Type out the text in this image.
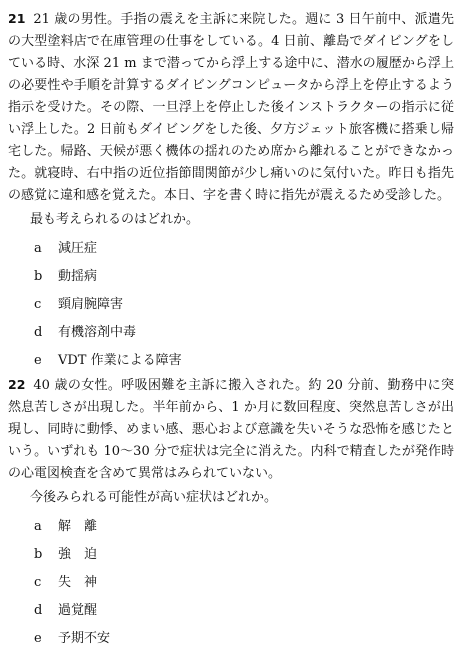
21 21 歳の男性。手指の震えを主訴に来院した。週に 3 日午前中、派遣先の大型塗料店で在庫管理の仕事をしている。4 日前、離島でダイビングをしている時、水深 21 m まで潜ってから浮上する途中に、潜水の履歴から浮上の必要性や手順を計算するダイビングコンピュータから浮上を停止するよう指示を受けた。その際、一旦浮上を停止した後インストラクターの指示に従い浮上した。2 日前もダイビングをした後、夕方ジェット旅客機に搭乗し帰宅した。帰路、天候が悪く機体の揺れのため席から離れることができなかった。就寝時、右中指の近位指節間関節が少し痛いのに気付いた。昨日も指先の感覚に違和感を覚えた。本日、字を書く時に指先が震えるため受診した。

最も考えられるのはどれか。

a	減圧症
b	動揺病
c	頸肩腕障害
d	有機溶剤中毒
e	VDT 作業による障害

22 40 歳の女性。呼吸困難を主訴に搬入された。約 20 分前、勤務中に突然息苦しさが出現した。半年前から、1 か月に数回程度、突然息苦しさが出現し、同時に動悸、めまい感、悪心および意識を失いそうな恐怖を感じたという。いずれも 10〜30 分で症状は完全に消えた。内科で精査したが発作時の心電図検査を含めて異常はみられていない。

今後みられる可能性が高い症状はどれか。

a	解　離
b	強　迫
c	失　神
d	過覚醒
e	予期不安
